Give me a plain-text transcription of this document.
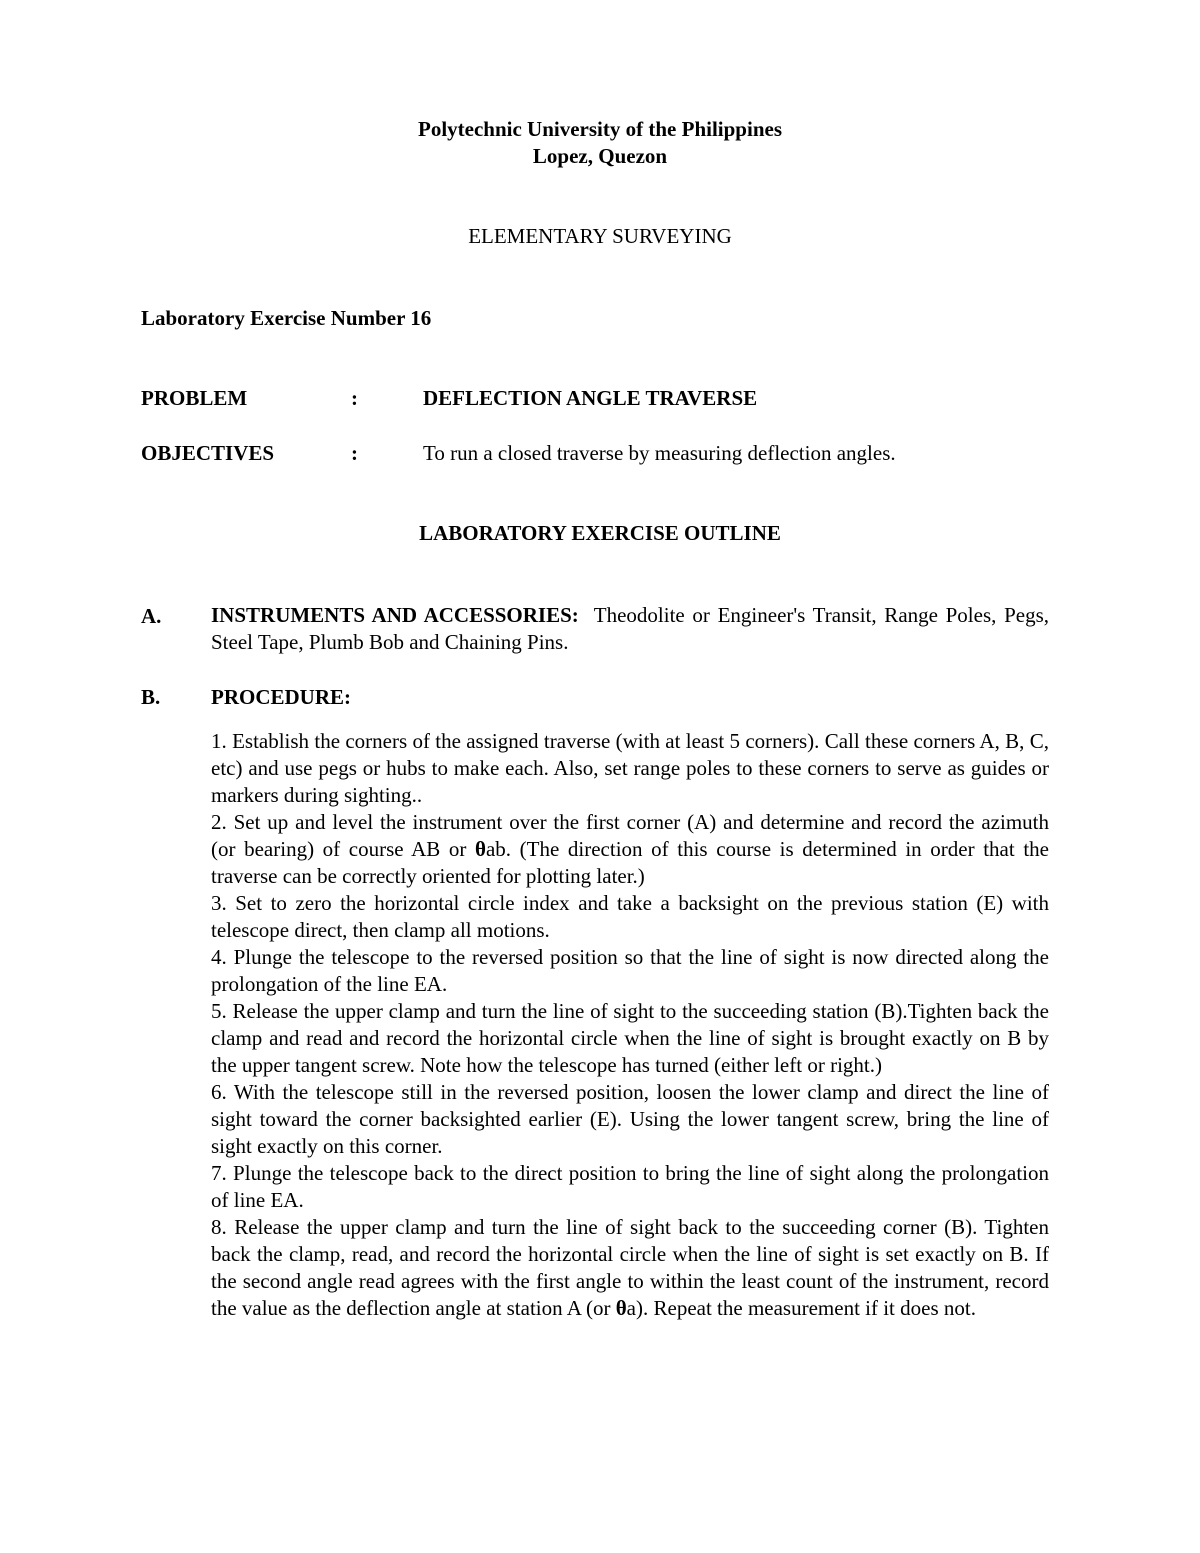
Polytechnic University of the Philippines
Lopez, Quezon
ELEMENTARY SURVEYING
Laboratory Exercise Number 16
PROBLEM	:	DEFLECTION ANGLE TRAVERSE
OBJECTIVES	:	To run a closed traverse by measuring deflection angles.
LABORATORY EXERCISE OUTLINE
A. INSTRUMENTS AND ACCESSORIES: Theodolite or Engineer's Transit, Range Poles, Pegs, Steel Tape, Plumb Bob and Chaining Pins.
B. PROCEDURE:

1. Establish the corners of the assigned traverse (with at least 5 corners). Call these corners A, B, C, etc) and use pegs or hubs to make each. Also, set range poles to these corners to serve as guides or markers during sighting..

2. Set up and level the instrument over the first corner (A) and determine and record the azimuth (or bearing) of course AB or θab. (The direction of this course is determined in order that the traverse can be correctly oriented for plotting later.)

3. Set to zero the horizontal circle index and take a backsight on the previous station (E) with telescope direct, then clamp all motions.

4. Plunge the telescope to the reversed position so that the line of sight is now directed along the prolongation of the line EA.

5. Release the upper clamp and turn the line of sight to the succeeding station (B).Tighten back the clamp and read and record the horizontal circle when the line of sight is brought exactly on B by the upper tangent screw. Note how the telescope has turned (either left or right.)

6. With the telescope still in the reversed position, loosen the lower clamp and direct the line of sight toward the corner backsighted earlier (E). Using the lower tangent screw, bring the line of sight exactly on this corner.

7. Plunge the telescope back to the direct position to bring the line of sight along the prolongation of line EA.

8. Release the upper clamp and turn the line of sight back to the succeeding corner (B). Tighten back the clamp, read, and record the horizontal circle when the line of sight is set exactly on B. If the second angle read agrees with the first angle to within the least count of the instrument, record the value as the deflection angle at station A (or θa). Repeat the measurement if it does not.
